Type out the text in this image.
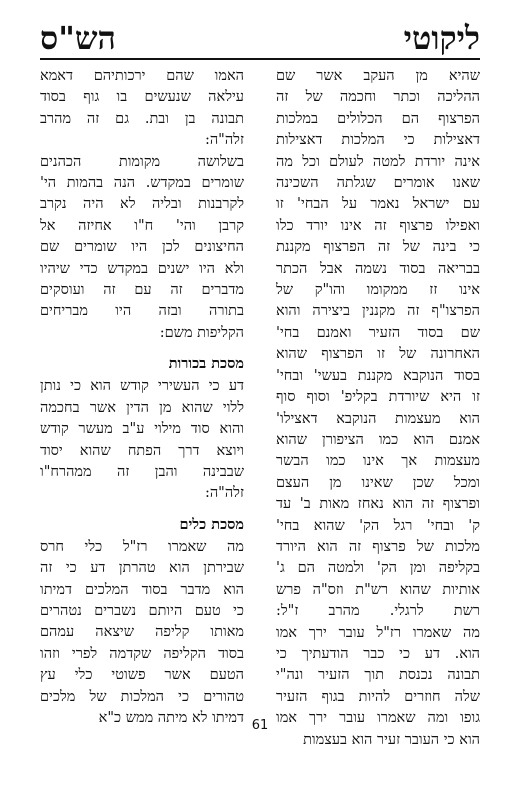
ליקוטי
הש"ס

שהיא מן העקב אשר שם
ההליכה וכתר וחכמה של זה
הפרצוף הם הכלולים במלכות
דאצילות כי המלכות דאצילות
אינה יורדת למטה לעולם וכל מה
שאנו אומרים שגלתה השכינה
עם ישראל נאמר על הבחי' זו
ואפילו פרצוף זה אינו יורד כלו
כי בינה של זה הפרצוף מקננת
בבריאה בסוד נשמה אבל הכתר
אינו זז ממקומו והו"ק של
הפרצו"ף זה מקננין ביצירה והוא
שם בסוד הזעיר ואמנם בחי'
האחרונה של זו הפרצוף שהוא
בסוד הנוקבא מקננת בעשי' ובחי'
זו היא שיורדת בקליפ' וסוף סוף
הוא מעצמות הנוקבא דאצילו'
אמנם הוא כמו הציפורן שהוא
מעצמות אך אינו כמו הבשר
ומכל שכן שאינו מן העצם
ופרצוף זה הוא נאחז מאות ב' עד
ק' ובחי' רגל הק' שהוא בחי'
מלכות של פרצוף זה הוא היורד
בקליפה ומן הק' ולמטה הם ג'
אותיות שהוא רש"ת וזס"ה פרש
רשת לרגלי. מהרב ז"ל:
מה שאמרו רז"ל עובר ירך אמו
הוא. דע כי כבר הודעתיך כי
תבונה נכנסת תוך הזעיר ונה"י
שלה חוזרים להיות בגוף הזעיר
גופו ומה שאמרו עובר ירך אמו
הוא כי העובר זעיר הוא בעצמות

האמו שהם ירכותיהם דאמא
עילאה שנעשים בו גוף בסוד
תבונה בן ובת. גם זה מהרב
זלה"ה:
בשלושה מקומות הכהנים
שומרים במקדש. הנה בהמות הי'
לקרבנות ובליה לא היה נקרב
קרבן והי' ח"ו אחיזה אל
החיצונים לכן היו שומרים שם
ולא היו ישנים במקדש כדי שיהיו
מדברים זה עם זה ועוסקים
בתורה ובזה היו מבריחים
הקליפות משם:

מסכת בכורות

דע כי העשירי קודש הוא כי נותן
ללוי שהוא מן הדין אשר בחכמה
והוא סוד מילוי ע"ב מעשר קודש
ויוצא דרך הפתח שהוא יסוד
שבבינה והבן זה ממהרח"ו
זלה"ה:

מסכת כלים

מה שאמרו רז"ל כלי חרס
שבירתן הוא טהרתן דע כי זה
הוא מדבר בסוד המלכים דמיתו
כי טעם היותם נשברים נטהרים
מאותו קליפה שיצאה עמהם
בסוד הקליפה שקדמה לפרי וזהו
הטעם אשר פשוטי כלי עץ
טהורים כי המלכות של מלכים
דמיתו לא מיתה ממש כ"א 61
